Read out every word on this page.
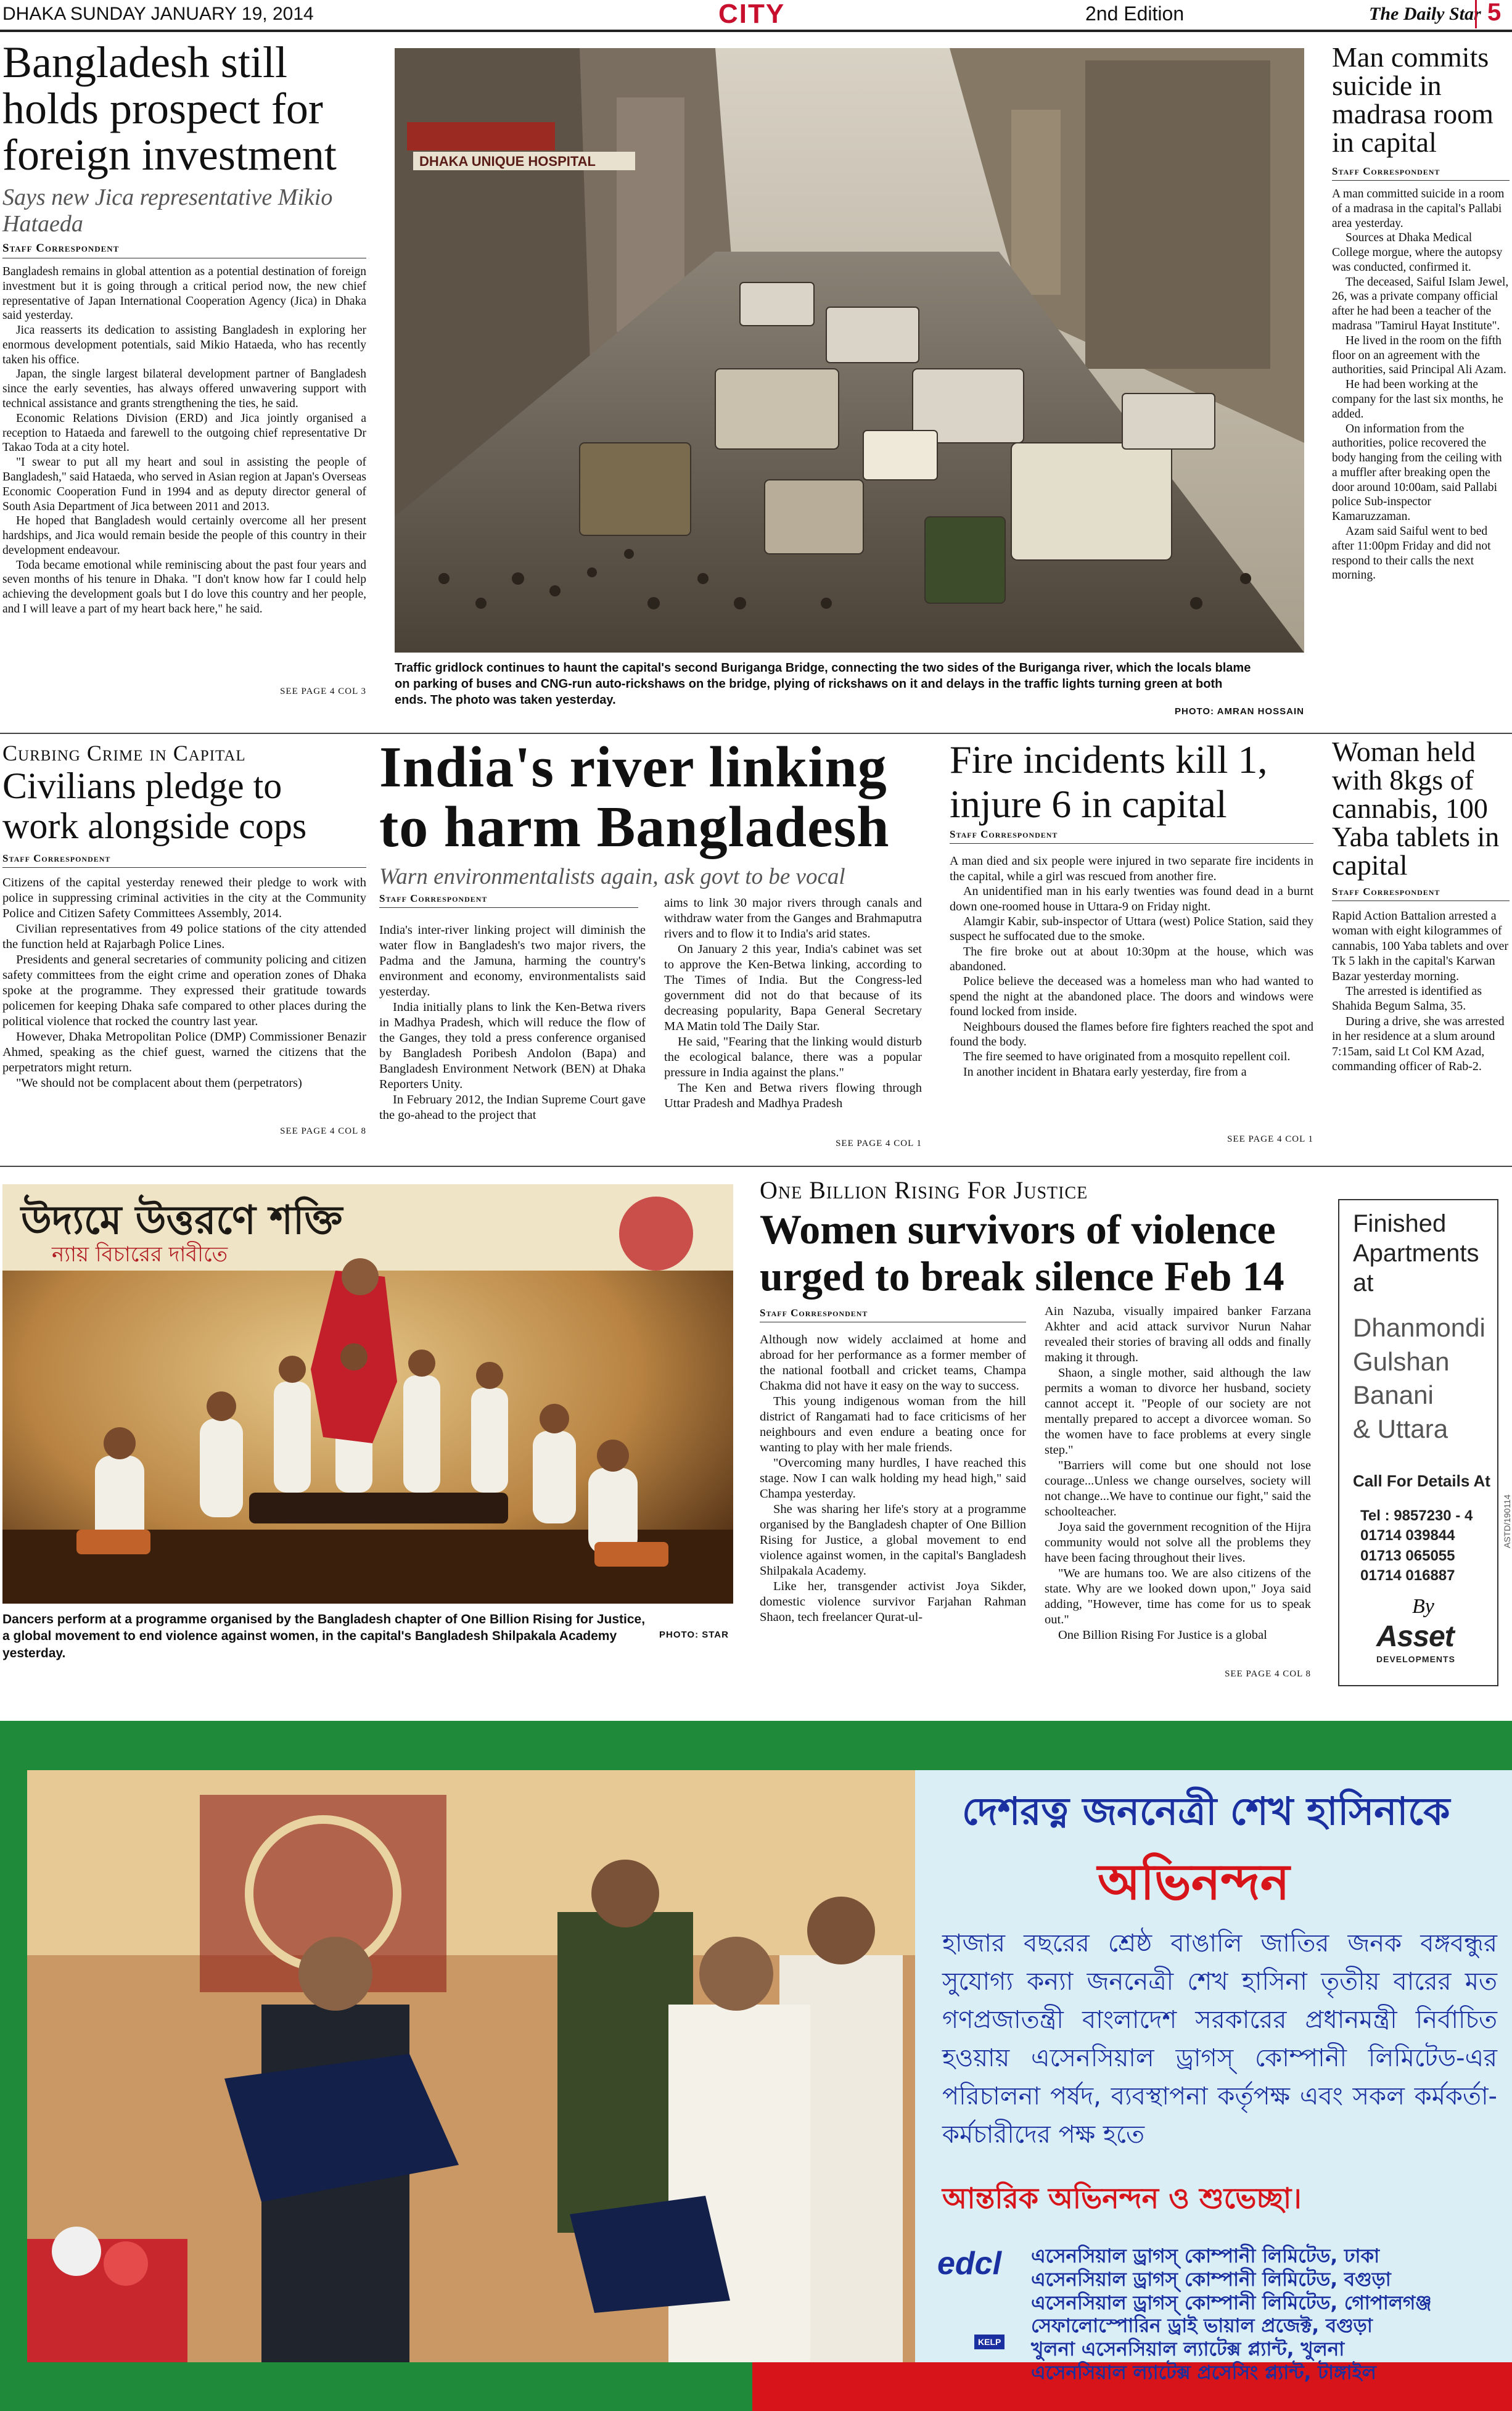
DHAKA SUNDAY JANUARY 19, 2014	CITY	2nd Edition	The Daily Star 5
Bangladesh still holds prospect for foreign investment
Says new Jica representative Mikio Hataeda
Staff Correspondent

Bangladesh remains in global attention as a potential destination of foreign investment but it is going through a critical period now, the new chief representative of Japan International Cooperation Agency (Jica) in Dhaka said yesterday.

Jica reasserts its dedication to assisting Bangladesh in exploring her enormous development potentials, said Mikio Hataeda, who has recently taken his office.

Japan, the single largest bilateral development partner of Bangladesh since the early seventies, has always offered unwavering support with technical assistance and grants strengthening the ties, he said.

Economic Relations Division (ERD) and Jica jointly organised a reception to Hataeda and farewell to the outgoing chief representative Dr Takao Toda at a city hotel.

"I swear to put all my heart and soul in assisting the people of Bangladesh," said Hataeda, who served in Asian region at Japan's Overseas Economic Cooperation Fund in 1994 and as deputy director general of South Asia Department of Jica between 2011 and 2013.

He hoped that Bangladesh would certainly overcome all her present hardships, and Jica would remain beside the people of this country in their development endeavour.

Toda became emotional while reminiscing about the past four years and seven months of his tenure in Dhaka. "I don't know how far I could help achieving the development goals but I do love this country and her people, and I will leave a part of my heart back here," he said.

SEE PAGE 4 COL 3
DHAKA UNIQUE HOSPITAL
Traffic gridlock continues to haunt the capital's second Buriganga Bridge, connecting the two sides of the Buriganga river, which the locals blame on parking of buses and CNG-run auto-rickshaws on the bridge, plying of rickshaws on it and delays in the traffic lights turning green at both ends. The photo was taken yesterday.
PHOTO: AMRAN HOSSAIN
Man commits suicide in madrasa room in capital
Staff Correspondent

A man committed suicide in a room of a madrasa in the capital's Pallabi area yesterday.

Sources at Dhaka Medical College morgue, where the autopsy was conducted, confirmed it.

The deceased, Saiful Islam Jewel, 26, was a private company official after he had been a teacher of the madrasa "Tamirul Hayat Institute".

He lived in the room on the fifth floor on an agreement with the authorities, said Principal Ali Azam.

He had been working at the company for the last six months, he added.

On information from the authorities, police recovered the body hanging from the ceiling with a muffler after breaking open the door around 10:00am, said Pallabi police Sub-inspector Kamaruzzaman.

Azam said Saiful went to bed after 11:00pm Friday and did not respond to their calls the next morning.

Curbing Crime in Capital
Civilians pledge to work alongside cops
Staff Correspondent

Citizens of the capital yesterday renewed their pledge to work with police in suppressing criminal activities in the city at the Community Police and Citizen Safety Committees Assembly, 2014.

Civilian representatives from 49 police stations of the city attended the function held at Rajarbagh Police Lines.

Presidents and general secretaries of community policing and citizen safety committees from the eight crime and operation zones of Dhaka spoke at the programme. They expressed their gratitude towards policemen for keeping Dhaka safe compared to other places during the political violence that rocked the country last year.

However, Dhaka Metropolitan Police (DMP) Commissioner Benazir Ahmed, speaking as the chief guest, warned the citizens that the perpetrators might return.

"We should not be complacent about them (perpetrators)

SEE PAGE 4 COL 8
India's river linking to harm Bangladesh
Warn environmentalists again, ask govt to be vocal
Staff Correspondent

India's inter-river linking project will diminish the water flow in Bangladesh's two major rivers, the Padma and the Jamuna, harming the country's environment and economy, environmentalists said yesterday.

India initially plans to link the Ken-Betwa rivers in Madhya Pradesh, which will reduce the flow of the Ganges, they told a press conference organised by Bangladesh Poribesh Andolon (Bapa) and Bangladesh Environment Network (BEN) at Dhaka Reporters Unity.

In February 2012, the Indian Supreme Court gave the go-ahead to the project that

aims to link 30 major rivers through canals and withdraw water from the Ganges and Brahmaputra rivers and to flow it to India's arid states.

On January 2 this year, India's cabinet was set to approve the Ken-Betwa linking, according to The Times of India. But the Congress-led government did not do that because of its decreasing popularity, Bapa General Secretary MA Matin told The Daily Star.

He said, "Fearing that the linking would disturb the ecological balance, there was a popular pressure in India against the plans."

The Ken and Betwa rivers flowing through Uttar Pradesh and Madhya Pradesh

SEE PAGE 4 COL 1
Fire incidents kill 1, injure 6 in capital
Staff Correspondent

A man died and six people were injured in two separate fire incidents in the capital, while a girl was rescued from another fire.

An unidentified man in his early twenties was found dead in a burnt down one-roomed house in Uttara-9 on Friday night.

Alamgir Kabir, sub-inspector of Uttara (west) Police Station, said they suspect he suffocated due to the smoke.

The fire broke out at about 10:30pm at the house, which was abandoned.

Police believe the deceased was a homeless man who had wanted to spend the night at the abandoned place. The doors and windows were found locked from inside.

Neighbours doused the flames before fire fighters reached the spot and found the body.

The fire seemed to have originated from a mosquito repellent coil.

In another incident in Bhatara early yesterday, fire from a

SEE PAGE 4 COL 1
Woman held with 8kgs of cannabis, 100 Yaba tablets in capital
Staff Correspondent

Rapid Action Battalion arrested a woman with eight kilogrammes of cannabis, 100 Yaba tablets and over Tk 5 lakh in the capital's Karwan Bazar yesterday morning.

The arrested is identified as Shahida Begum Salma, 35.

During a drive, she was arrested in her residence at a slum around 7:15am, said Lt Col KM Azad, commanding officer of Rab-2.

উদ্যমে উত্তরণে শক্তি
ন্যায় বিচারের দাবীতে
Dancers perform at a programme organised by the Bangladesh chapter of One Billion Rising for Justice, a global movement to end violence against women, in the capital's Bangladesh Shilpakala Academy yesterday.
PHOTO: STAR
One Billion Rising For Justice
Women survivors of violence urged to break silence Feb 14
Staff Correspondent

Although now widely acclaimed at home and abroad for her performance as a former member of the national football and cricket teams, Champa Chakma did not have it easy on the way to success.

This young indigenous woman from the hill district of Rangamati had to face criticisms of her neighbours and even endure a beating once for wanting to play with her male friends.

"Overcoming many hurdles, I have reached this stage. Now I can walk holding my head high," said Champa yesterday.

She was sharing her life's story at a programme organised by the Bangladesh chapter of One Billion Rising for Justice, a global movement to end violence against women, in the capital's Bangladesh Shilpakala Academy.

Like her, transgender activist Joya Sikder, domestic violence survivor Farjahan Rahman Shaon, tech freelancer Qurat-ul-

Ain Nazuba, visually impaired banker Farzana Akhter and acid attack survivor Nurun Nahar revealed their stories of braving all odds and finally making it through.

Shaon, a single mother, said although the law permits a woman to divorce her husband, society cannot accept it. "People of our society are not mentally prepared to accept a divorcee woman. So the women have to face problems at every single step."

"Barriers will come but one should not lose courage...Unless we change ourselves, society will not change...We have to continue our fight," said the schoolteacher.

Joya said the government recognition of the Hijra community would not solve all the problems they have been facing throughout their lives.

"We are humans too. We are also citizens of the state. Why are we looked down upon," Joya said adding, "However, time has come for us to speak out."

One Billion Rising For Justice is a global

SEE PAGE 4 COL 8
Finished
Apartments
at
Dhanmondi
Gulshan
Banani
& Uttara
Call For Details At
Tel : 9857230 - 4
01714 039844
01713 065055
01714 016887
By
Asset
DEVELOPMENTS
ASTD/190114
দেশরত্ন জননেত্রী শেখ হাসিনাকে
অভিনন্দন
হাজার বছরের শ্রেষ্ঠ বাঙালি জাতির জনক বঙ্গবন্ধুর সুযোগ্য কন্যা জননেত্রী শেখ হাসিনা তৃতীয় বারের মত গণপ্রজাতন্ত্রী বাংলাদেশ সরকারের প্রধানমন্ত্রী নির্বাচিত হওয়ায় এসেনসিয়াল ড্রাগস্ কোম্পানী লিমিটেড-এর পরিচালনা পর্ষদ, ব্যবস্থাপনা কর্তৃপক্ষ এবং সকল কর্মকর্তা-কর্মচারীদের পক্ষ হতে
আন্তরিক অভিনন্দন ও শুভেচ্ছা।
edcl
KELP
এসেনসিয়াল ড্রাগস্ কোম্পানী লিমিটেড, ঢাকা
এসেনসিয়াল ড্রাগস্ কোম্পানী লিমিটেড, বগুড়া
এসেনসিয়াল ড্রাগস্ কোম্পানী লিমিটেড, গোপালগঞ্জ
সেফালোস্পোরিন ড্রাই ভায়াল প্রজেক্ট, বগুড়া
খুলনা এসেনসিয়াল ল্যাটেক্স প্ল্যান্ট, খুলনা
এসেনসিয়াল ল্যাটেক্স প্রসেসিং প্ল্যান্ট, টাঙ্গাইল
